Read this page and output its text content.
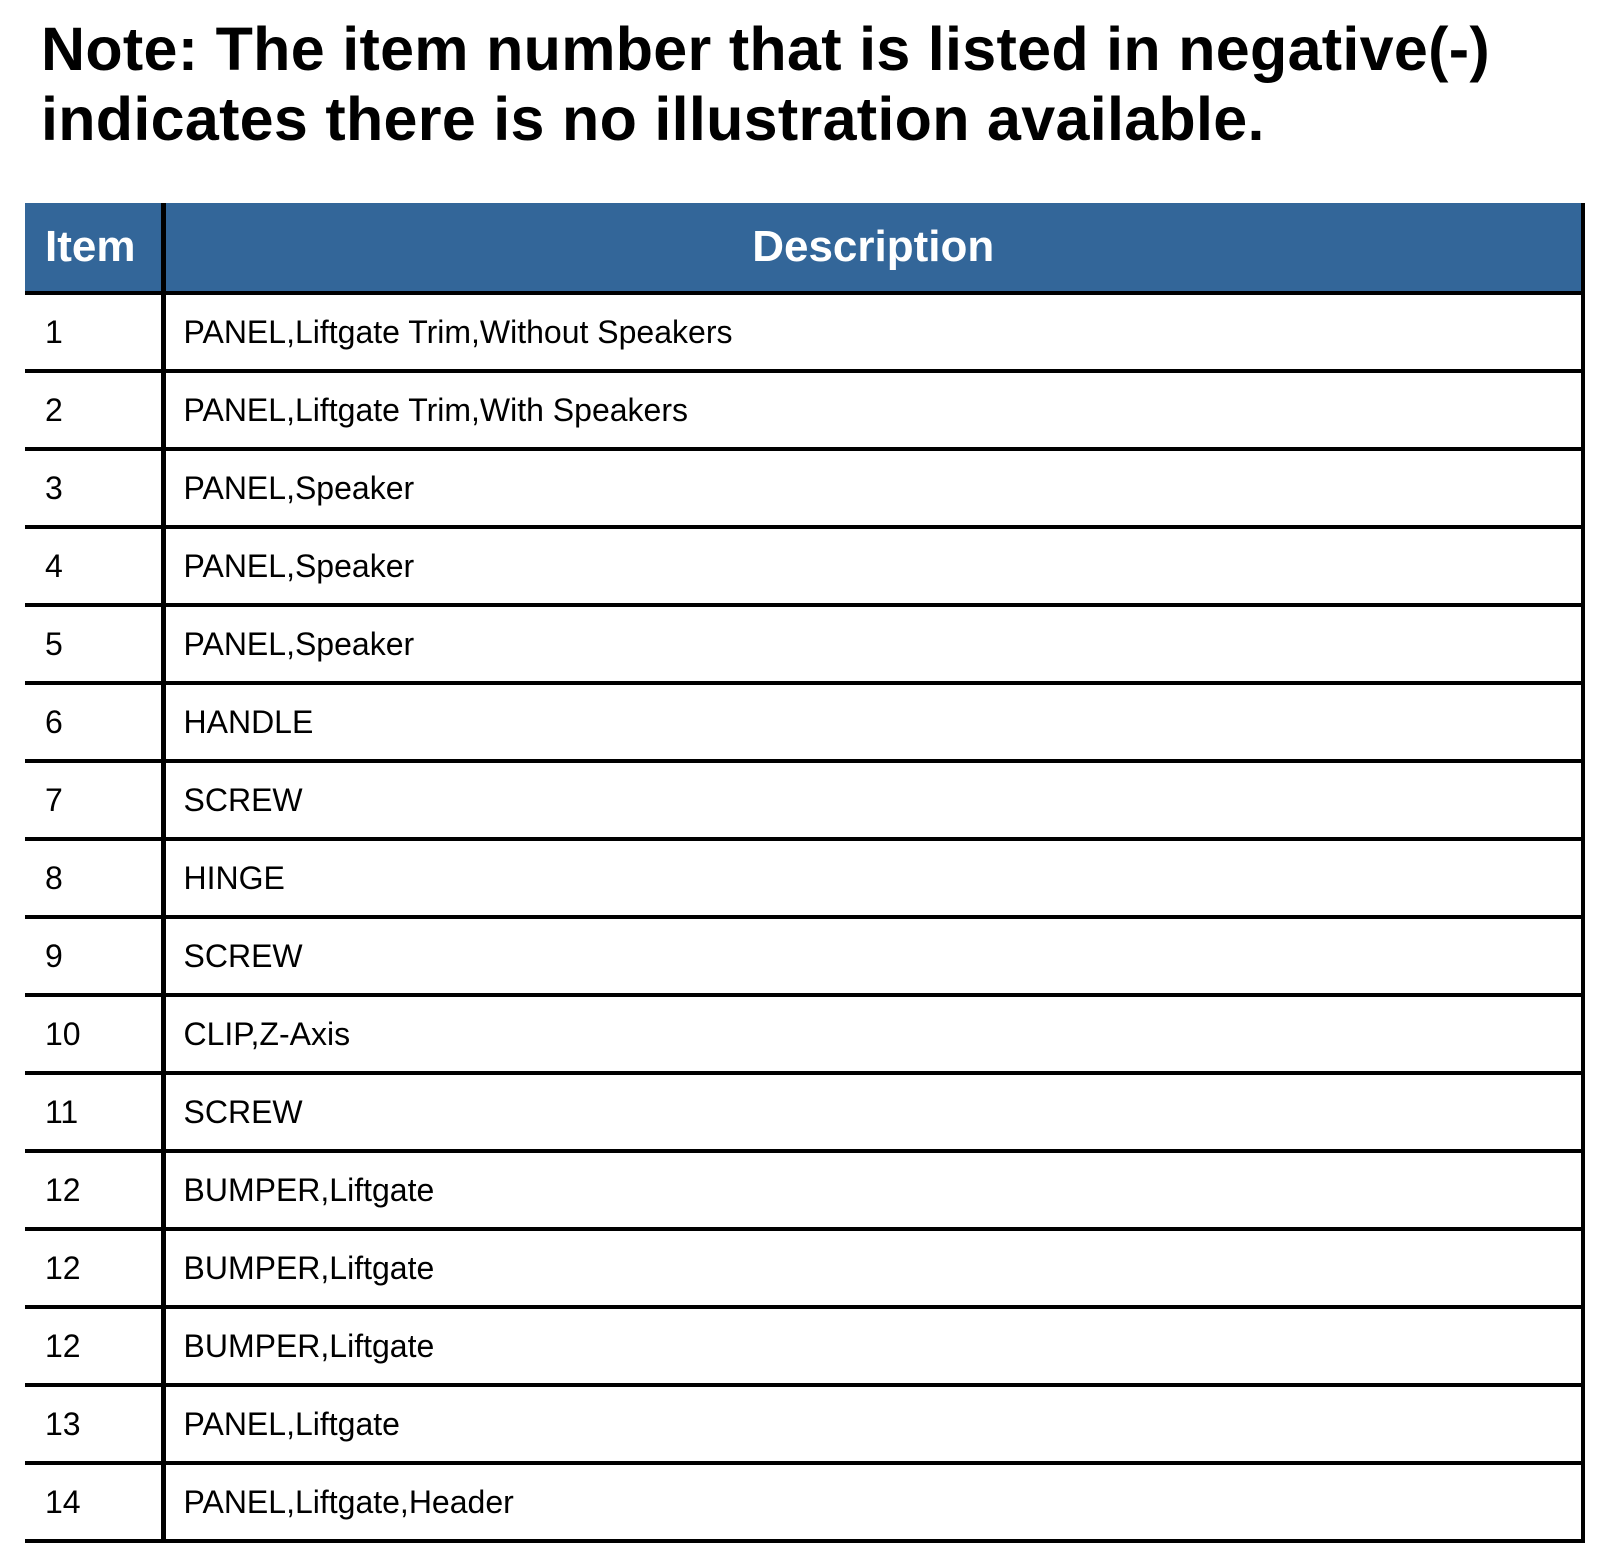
Note: The item number that is listed in negative(-)
indicates there is no illustration available.
Item	Description
1	PANEL,Liftgate Trim,Without Speakers
2	PANEL,Liftgate Trim,With Speakers
3	PANEL,Speaker
4	PANEL,Speaker
5	PANEL,Speaker
6	HANDLE
7	SCREW
8	HINGE
9	SCREW
10	CLIP,Z-Axis
11	SCREW
12	BUMPER,Liftgate
12	BUMPER,Liftgate
12	BUMPER,Liftgate
13	PANEL,Liftgate
14	PANEL,Liftgate,Header
